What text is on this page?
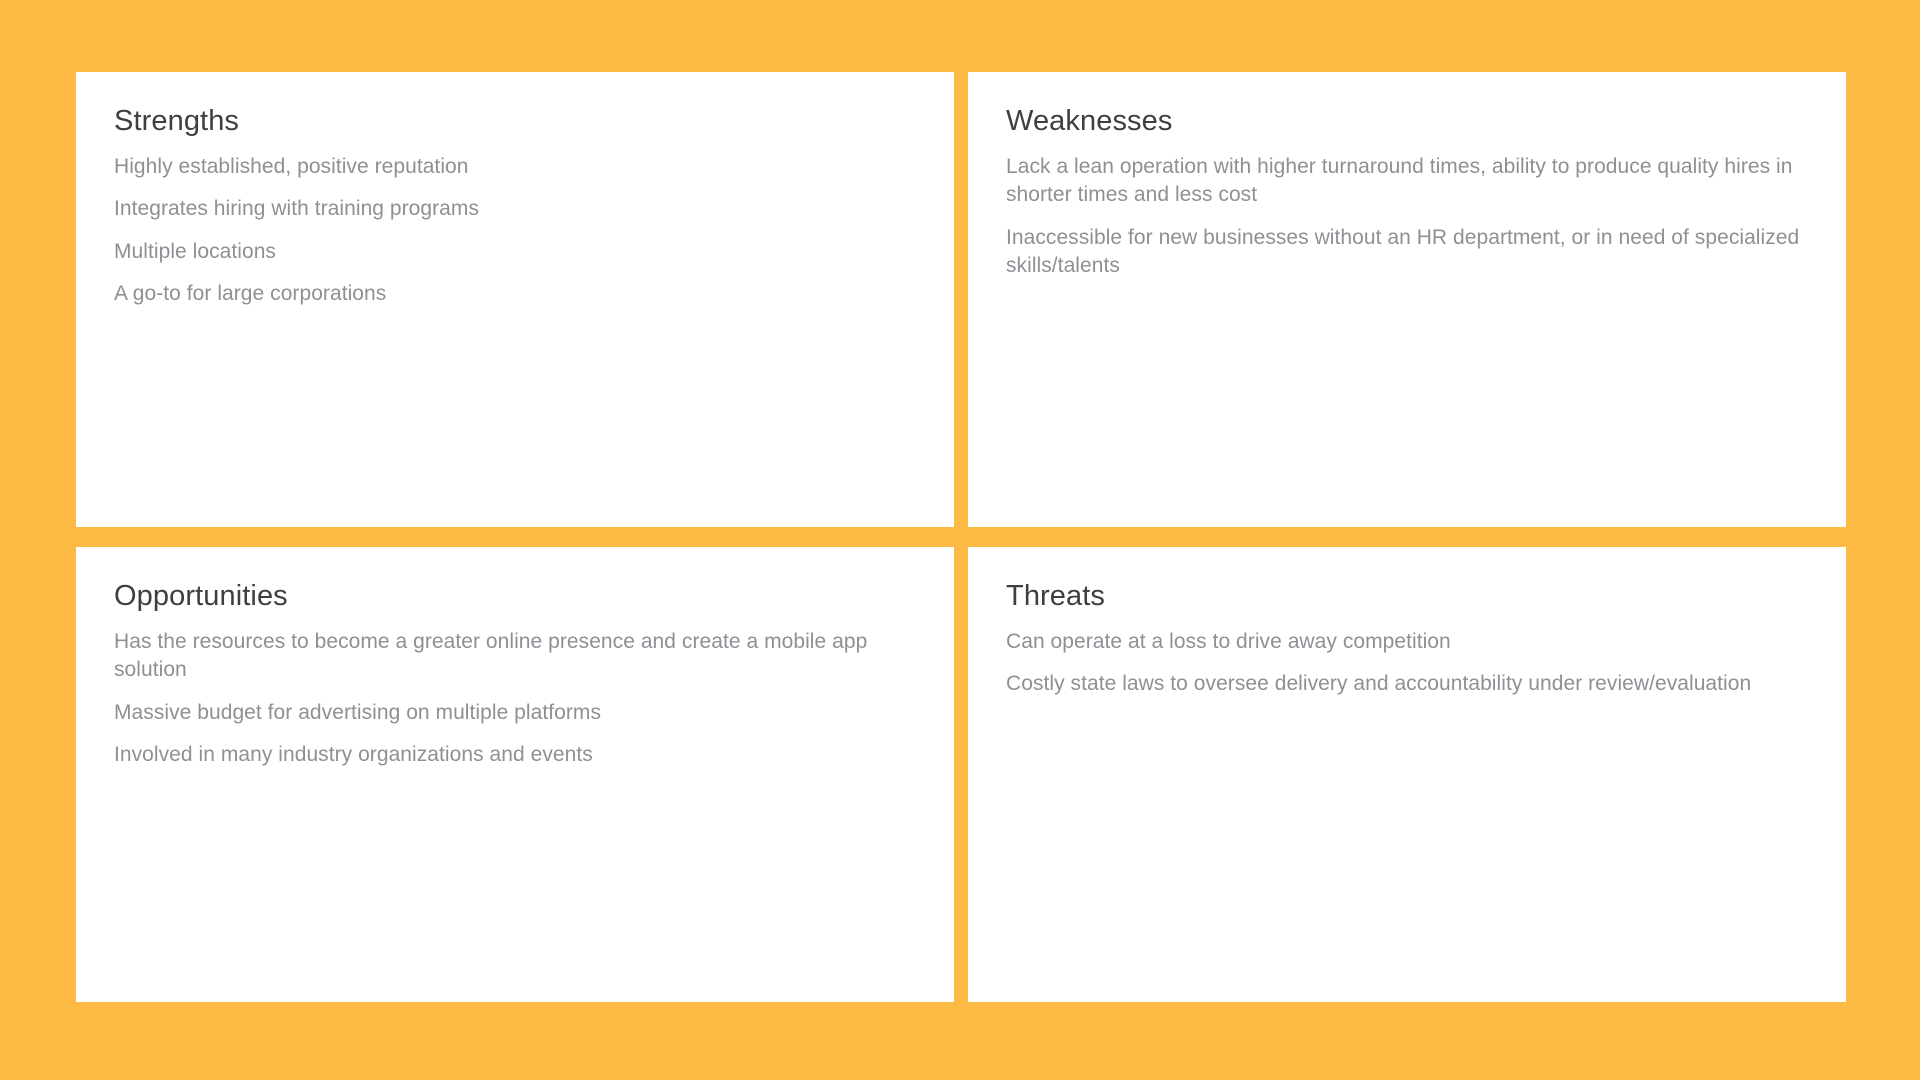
Strengths
Highly established, positive reputation
Integrates hiring with training programs
Multiple locations
A go-to for large corporations
Weaknesses
Lack a lean operation with higher turnaround times, ability to produce quality hires in shorter times and less cost
Inaccessible for new businesses without an HR department, or in need of specialized skills/talents
Opportunities
Has the resources to become a greater online presence and create a mobile app solution
Massive budget for advertising on multiple platforms
Involved in many industry organizations and events
Threats
Can operate at a loss to drive away competition
Costly state laws to oversee delivery and accountability under review/evaluation
